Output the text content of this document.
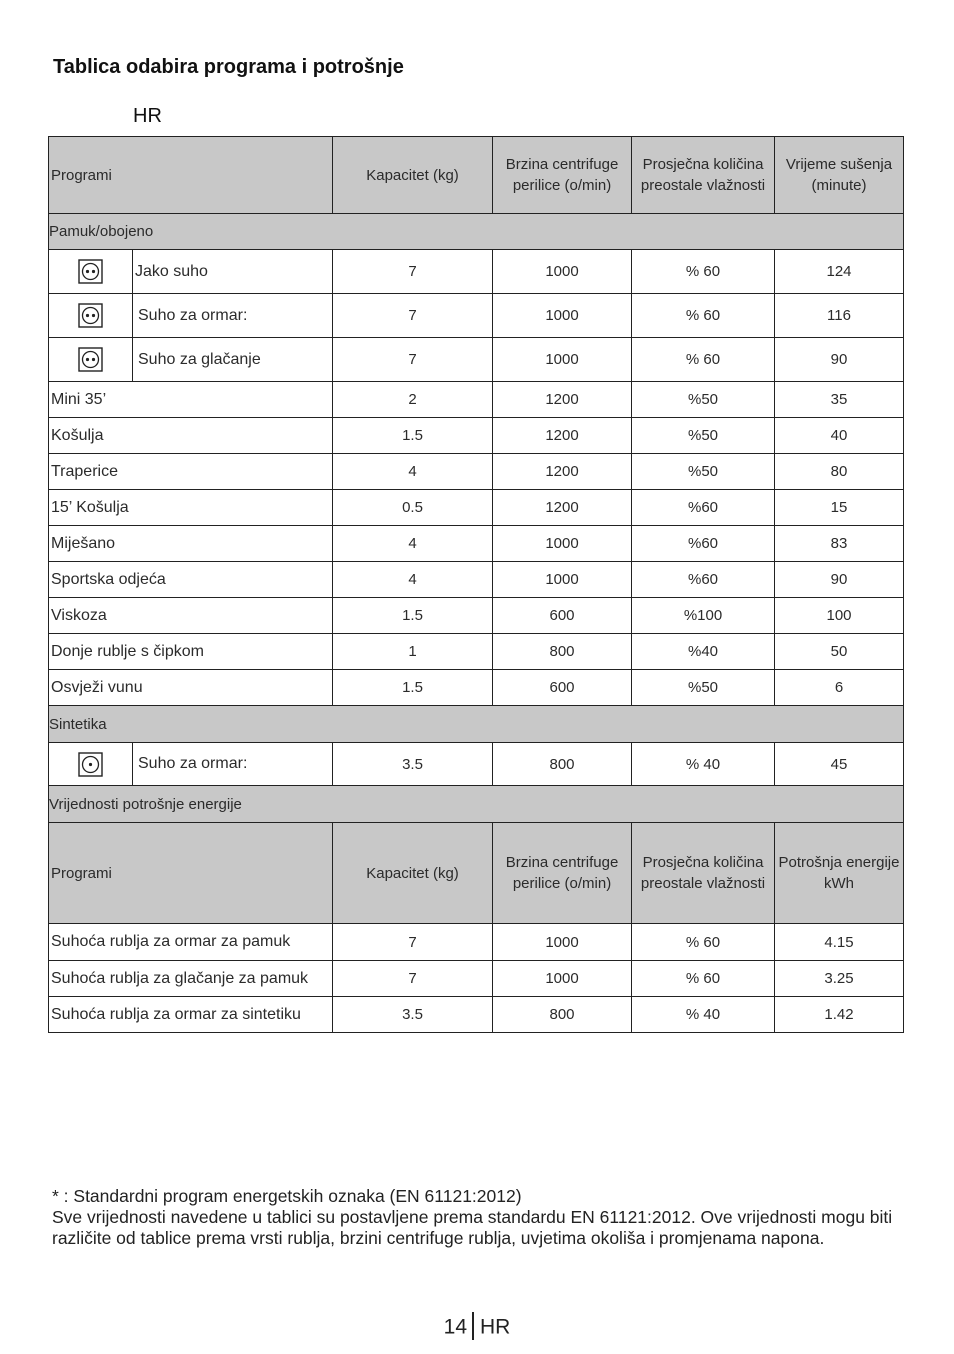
Tablica odabira programa i potrošnje
HR
Programi		Kapacitet (kg)	Brzina centrifuge perilice (o/min)	Prosječna količina preostale vlažnosti	Vrijeme sušenja (minute)
Pamuk/obojeno					
	Jako suho	7	1000	% 60	124
	Suho za ormar:	7	1000	% 60	116
	Suho za glačanje	7	1000	% 60	90
Mini 35’		2	1200	%50	35
Košulja		1.5	1200	%50	40
Traperice		4	1200	%50	80
15’ Košulja		0.5	1200	%60	15
Miješano		4	1000	%60	83
Sportska odjeća		4	1000	%60	90
Viskoza		1.5	600	%100	100
Donje rublje s čipkom		1	800	%40	50
Osvježi vunu		1.5	600	%50	6
Sintetika					
	Suho za ormar:	3.5	800	% 40	45
Vrijednosti potrošnje energije					
Programi		Kapacitet (kg)	Brzina centrifuge perilice (o/min)	Prosječna količina preostale vlažnosti	Potrošnja energije kWh
Suhoća rublja za ormar za pamuk		7	1000	% 60	4.15
Suhoća rublja za glačanje za pamuk		7	1000	% 60	3.25
Suhoća rublja za ormar za sintetiku		3.5	800	% 40	1.42
* : Standardni program energetskih oznaka (EN 61121:2012)
Sve vrijednosti navedene u tablici su postavljene prema standardu EN 61121:2012. Ove vrijednosti mogu biti različite od tablice prema vrsti rublja, brzini centrifuge rublja, uvjetima okoliša i promjenama napona.
14 HR
